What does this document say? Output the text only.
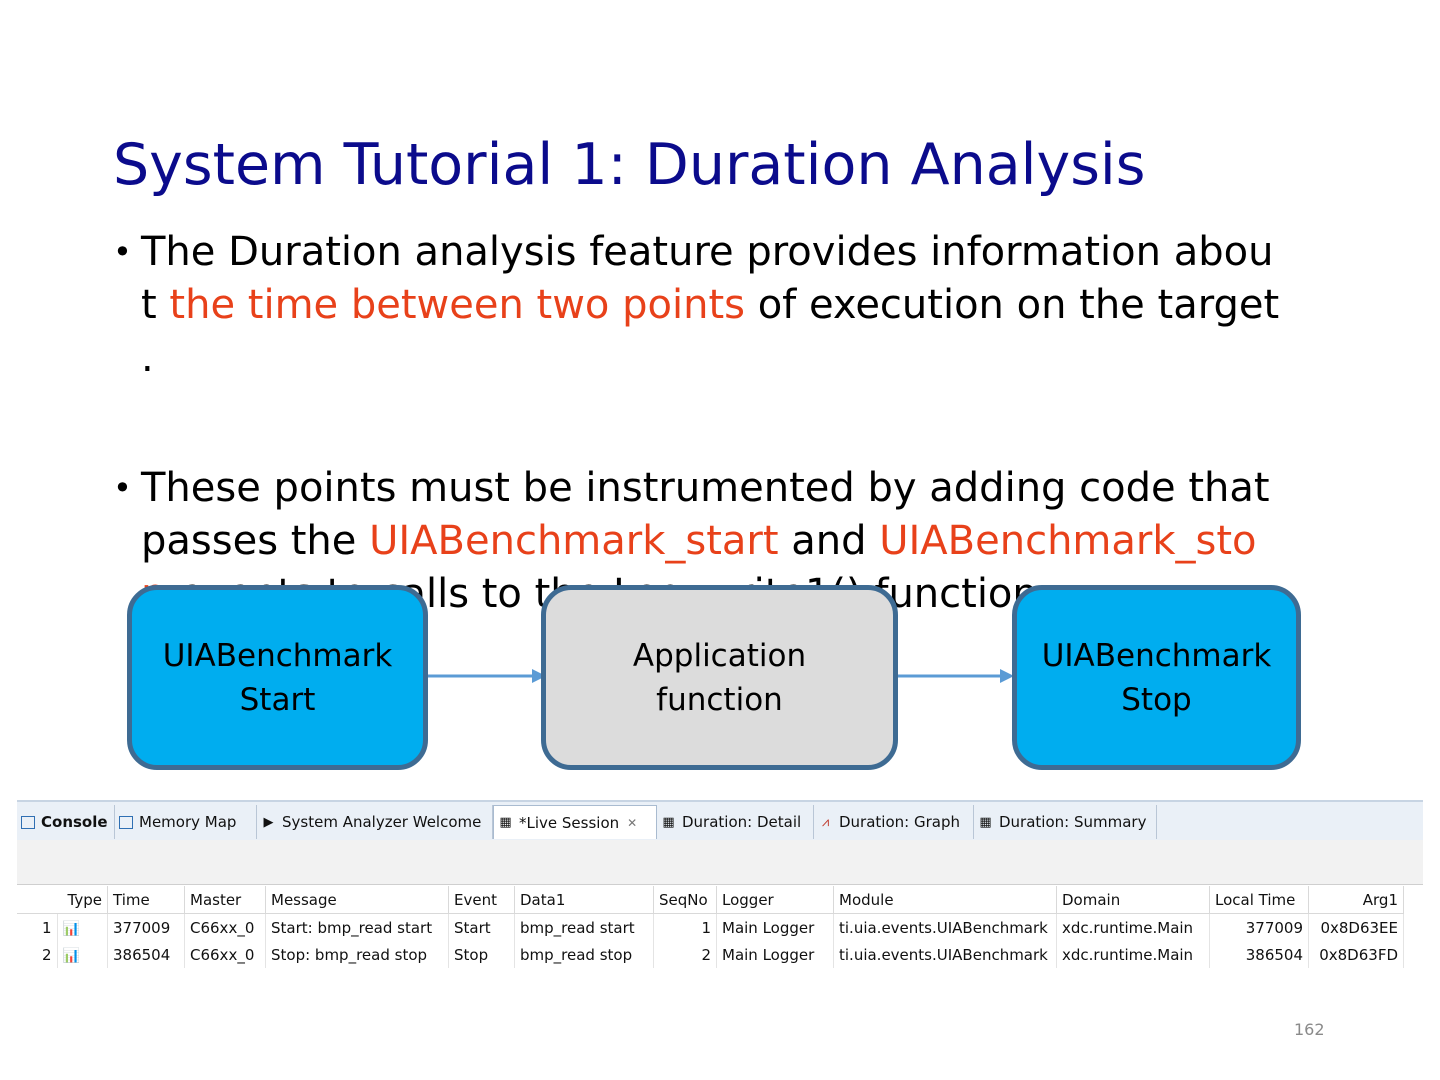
System Tutorial 1: Duration Analysis
• The Duration analysis feature provides information abou
t the time between two points of execution on the target
.
• These points must be instrumented by adding code that
passes the UIABenchmark_start and UIABenchmark_sto
calls to function.
UIABenchmark
Start
Application
function
UIABenchmark
Stop
Console Memory Map ▶ System Analyzer Welcome ▦ *Live Session ✕ ▦ Duration: Detail ⩘ Duration: Graph ▦ Duration: Summary
	Type	Time	Master	Message	Event	Data1	SeqNo	Logger	Module	Domain	Local Time	Arg1
1	📊	377009	C66xx_0	Start: bmp_read start	Start	bmp_read start	1	Main Logger	ti.uia.events.UIABenchmark	xdc.runtime.Main	377009	0x8D63EE
2	📊	386504	C66xx_0	Stop: bmp_read stop	Stop	bmp_read stop	2	Main Logger	ti.uia.events.UIABenchmark	xdc.runtime.Main	386504	0x8D63FD
162
